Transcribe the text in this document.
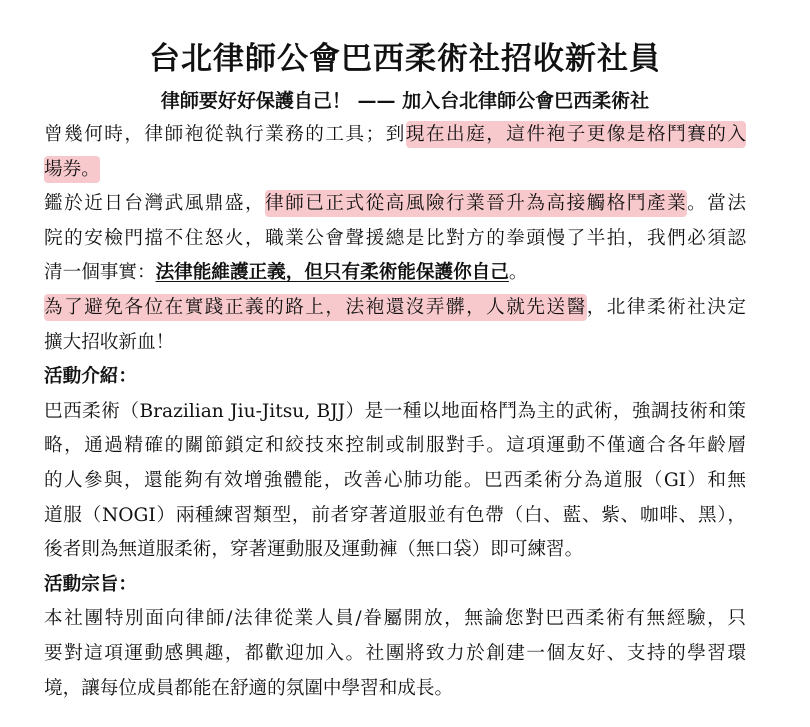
台北律師公會巴西柔術社招收新社員
律師要好好保護自己！ —— 加入台北律師公會巴西柔術社
曾幾何時，律師袍從執行業務的工具；到現在出庭，這件袍子更像是格鬥賽的入
場券。
鑑於近日台灣武風鼎盛，律師已正式從高風險行業晉升為高接觸格鬥產業。當法
院的安檢門擋不住怒火，職業公會聲援總是比對方的拳頭慢了半拍，我們必須認
清一個事實：法律能維護正義，但只有柔術能保護你自己。
為了避免各位在實踐正義的路上，法袍還沒弄髒，人就先送醫，北律柔術社決定
擴大招收新血！
活動介紹：
巴西柔術（Brazilian Jiu-Jitsu, BJJ）是一種以地面格鬥為主的武術，強調技術和策
略，通過精確的關節鎖定和絞技來控制或制服對手。這項運動不僅適合各年齡層
的人參與，還能夠有效增強體能，改善心肺功能。巴西柔術分為道服（GI）和無
道服（NOGI）兩種練習類型，前者穿著道服並有色帶（白、藍、紫、咖啡、黑），
後者則為無道服柔術，穿著運動服及運動褲（無口袋）即可練習。
活動宗旨：
本社團特別面向律師/法律從業人員/眷屬開放，無論您對巴西柔術有無經驗，只
要對這項運動感興趣，都歡迎加入。社團將致力於創建一個友好、支持的學習環
境，讓每位成員都能在舒適的氛圍中學習和成長。
